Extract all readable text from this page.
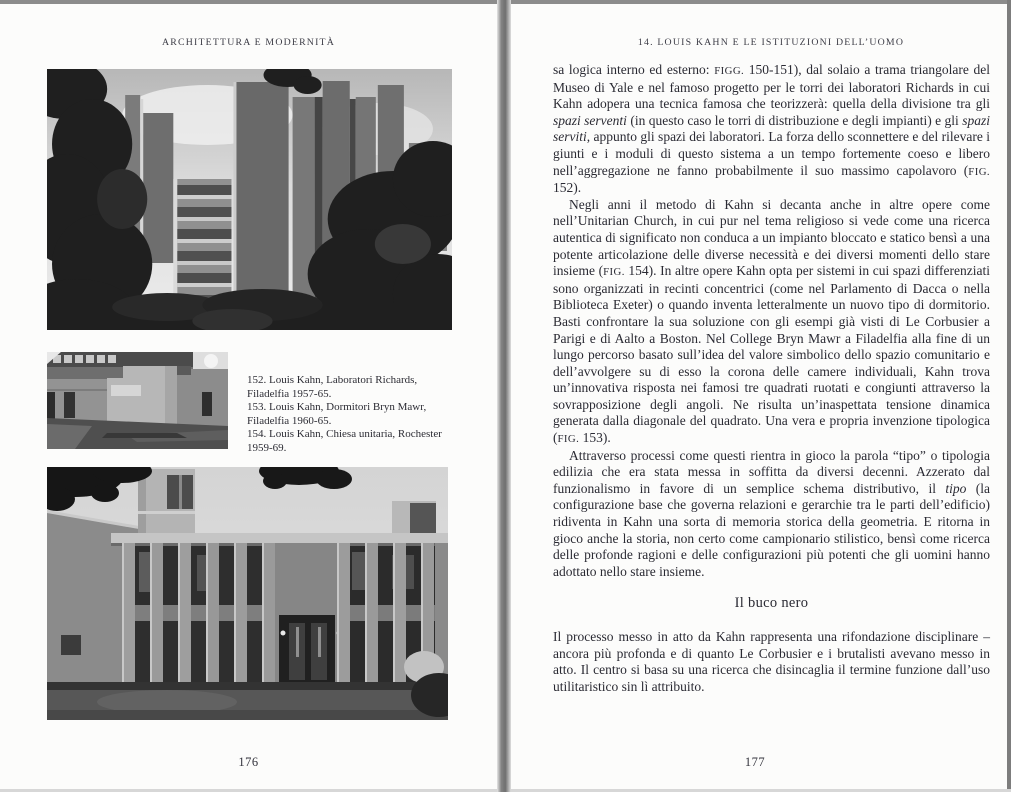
ARCHITETTURA E MODERNITÀ

152. Louis Kahn, Laboratori Richards, Filadelfia 1957-65.

153. Louis Kahn, Dormitori Bryn Mawr, Filadelfia 1960-65.

154. Louis Kahn, Chiesa unitaria, Rochester 1959-69.

176
14. LOUIS KAHN E LE ISTITUZIONI DELL’UOMO

sa logica interno ed esterno: FIGG. 150-151), dal solaio a trama triangolare del Museo di Yale e nel famoso progetto per le torri dei laboratori Richards in cui Kahn adopera una tecnica famosa che teorizzerà: quella della divisione tra gli spazi serventi (in questo caso le torri di distribuzione e degli impianti) e gli spazi serviti, appunto gli spazi dei laboratori. La forza dello sconnettere e del rilevare i giunti e i moduli di questo sistema a un tempo fortemente coeso e libero nell’aggregazione ne fanno probabilmente il suo massimo capolavoro (FIG. 152).

Negli anni il metodo di Kahn si decanta anche in altre opere come nell’Unitarian Church, in cui pur nel tema religioso si vede come una ricerca autentica di significato non conduca a un impianto bloccato e statico bensì a una potente articolazione delle diverse necessità e dei diversi momenti dello stare insieme (FIG. 154). In altre opere Kahn opta per sistemi in cui spazi differenziati sono organizzati in recinti concentrici (come nel Parlamento di Dacca o nella Biblioteca Exeter) o quando inventa letteralmente un nuovo tipo di dormitorio. Basti confrontare la sua soluzione con gli esempi già visti di Le Corbusier a Parigi e di Aalto a Boston. Nel College Bryn Mawr a Filadelfia alla fine di un lungo percorso basato sull’idea del valore simbolico dello spazio comunitario e dell’avvolgere su di esso la corona delle camere individuali, Kahn trova un’innovativa risposta nei famosi tre quadrati ruotati e congiunti attraverso la sovrapposizione degli angoli. Ne risulta un’inaspettata tensione dinamica generata dalla diagonale del quadrato. Una vera e propria invenzione tipologica (FIG. 153).

Attraverso processi come questi rientra in gioco la parola “tipo” o tipologia edilizia che era stata messa in soffitta da diversi decenni. Azzerato dal funzionalismo in favore di un semplice schema distributivo, il tipo (la configurazione base che governa relazioni e gerarchie tra le parti dell’edificio) ridiventa in Kahn una sorta di memoria storica della geometria. E ritorna in gioco anche la storia, non certo come campionario stilistico, bensì come ricerca delle profonde ragioni e delle configurazioni più potenti che gli uomini hanno adottato nello stare insieme.

Il buco nero

Il processo messo in atto da Kahn rappresenta una rifondazione disciplinare – ancora più profonda e di quanto Le Corbusier e i brutalisti avevano messo in atto. Il centro si basa su una ricerca che disincaglia il termine funzione dall’uso utilitaristico sin lì attribuito.

177
